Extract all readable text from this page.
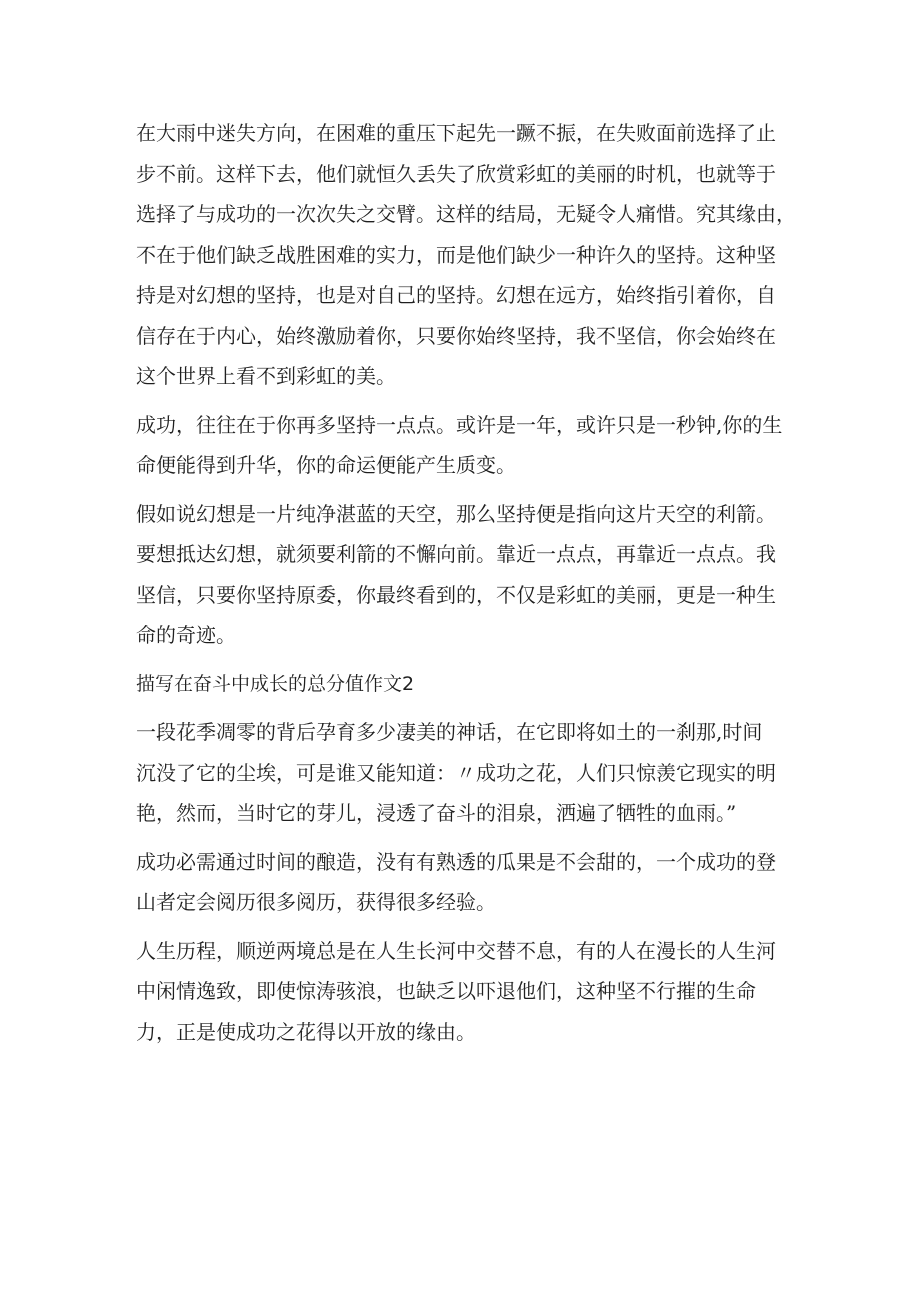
在大雨中迷失方向，在困难的重压下起先一蹶不振，在失败面前选择了止
步不前。这样下去，他们就恒久丢失了欣赏彩虹的美丽的时机，也就等于
选择了与成功的一次次失之交臂。这样的结局，无疑令人痛惜。究其缘由，
不在于他们缺乏战胜困难的实力，而是他们缺少一种许久的坚持。这种坚
持是对幻想的坚持，也是对自己的坚持。幻想在远方，始终指引着你，自
信存在于内心，始终激励着你，只要你始终坚持，我不坚信，你会始终在
这个世界上看不到彩虹的美。

成功，往往在于你再多坚持一点点。或许是一年，或许只是一秒钟,你的生
命便能得到升华，你的命运便能产生质变。

假如说幻想是一片纯净湛蓝的天空，那么坚持便是指向这片天空的利箭。
要想抵达幻想，就须要利箭的不懈向前。靠近一点点，再靠近一点点。我
坚信，只要你坚持原委，你最终看到的，不仅是彩虹的美丽，更是一种生
命的奇迹。

描写在奋斗中成长的总分值作文2

一段花季凋零的背后孕育多少凄美的神话，在它即将如土的一刹那,时间
沉没了它的尘埃，可是谁又能知道：〃成功之花，人们只惊羡它现实的明
艳，然而，当时它的芽儿，浸透了奋斗的泪泉，洒遍了牺牲的血雨。”

成功必需通过时间的酿造，没有有熟透的瓜果是不会甜的，一个成功的登
山者定会阅历很多阅历，获得很多经验。

人生历程，顺逆两境总是在人生长河中交替不息，有的人在漫长的人生河
中闲情逸致，即使惊涛骇浪，也缺乏以吓退他们，这种坚不行摧的生命
力，正是使成功之花得以开放的缘由。
